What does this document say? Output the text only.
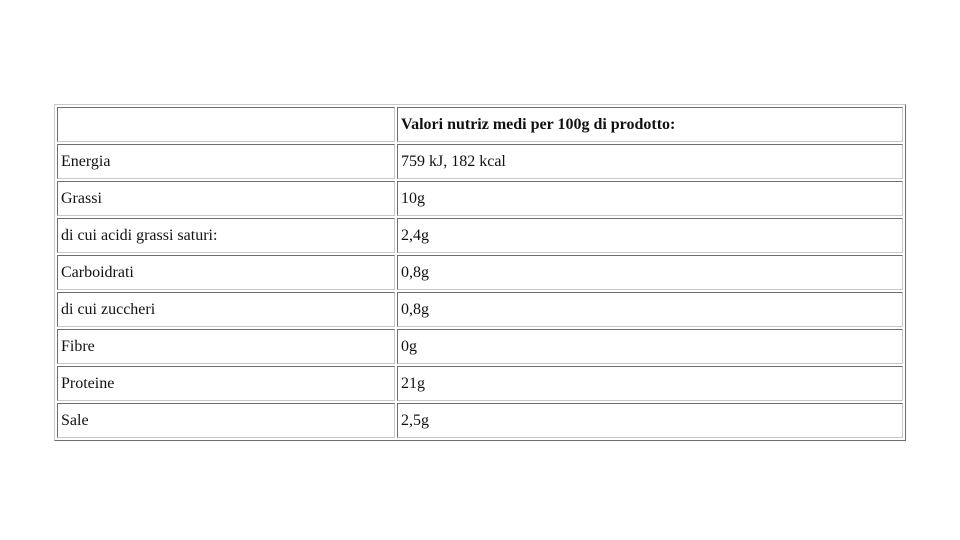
	Valori nutriz medi per 100g di prodotto:
Energia	759 kJ, 182 kcal
Grassi	10g
di cui acidi grassi saturi:	2,4g
Carboidrati	0,8g
di cui zuccheri	0,8g
Fibre	0g
Proteine	21g
Sale	2,5g
